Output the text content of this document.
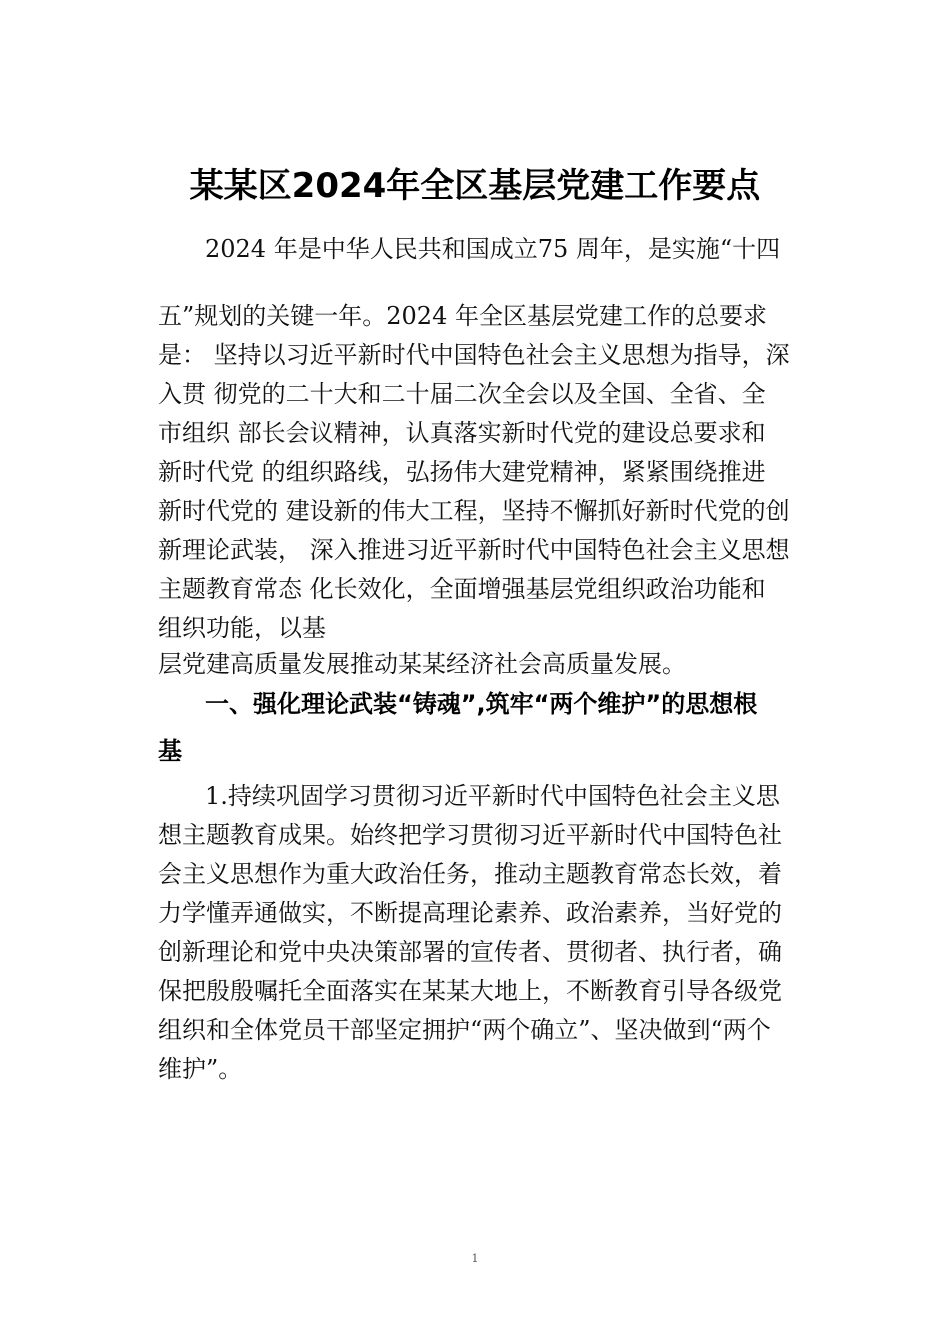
某某区2024年全区基层党建工作要点
2024 年是中华人民共和国成立75 周年，是实施“十四
五”规划的关键一年。2024 年全区基层党建工作的总要求
是： 坚持以习近平新时代中国特色社会主义思想为指导，深
入贯 彻党的二十大和二十届二次全会以及全国、全省、全
市组织 部长会议精神，认真落实新时代党的建设总要求和
新时代党 的组织路线，弘扬伟大建党精神，紧紧围绕推进
新时代党的 建设新的伟大工程，坚持不懈抓好新时代党的创
新理论武装， 深入推进习近平新时代中国特色社会主义思想
主题教育常态 化长效化，全面增强基层党组织政治功能和
组织功能，以基
层党建高质量发展推动某某经济社会高质量发展。
一、强化理论武装“铸魂”,筑牢“两个维护”的思想根
基
1.持续巩固学习贯彻习近平新时代中国特色社会主义思
想主题教育成果。始终把学习贯彻习近平新时代中国特色社
会主义思想作为重大政治任务，推动主题教育常态长效，着
力学懂弄通做实，不断提高理论素养、政治素养，当好党的
创新理论和党中央决策部署的宣传者、贯彻者、执行者，确
保把殷殷嘱托全面落实在某某大地上，不断教育引导各级党
组织和全体党员干部坚定拥护“两个确立”、坚决做到“两个
维护”。
1
